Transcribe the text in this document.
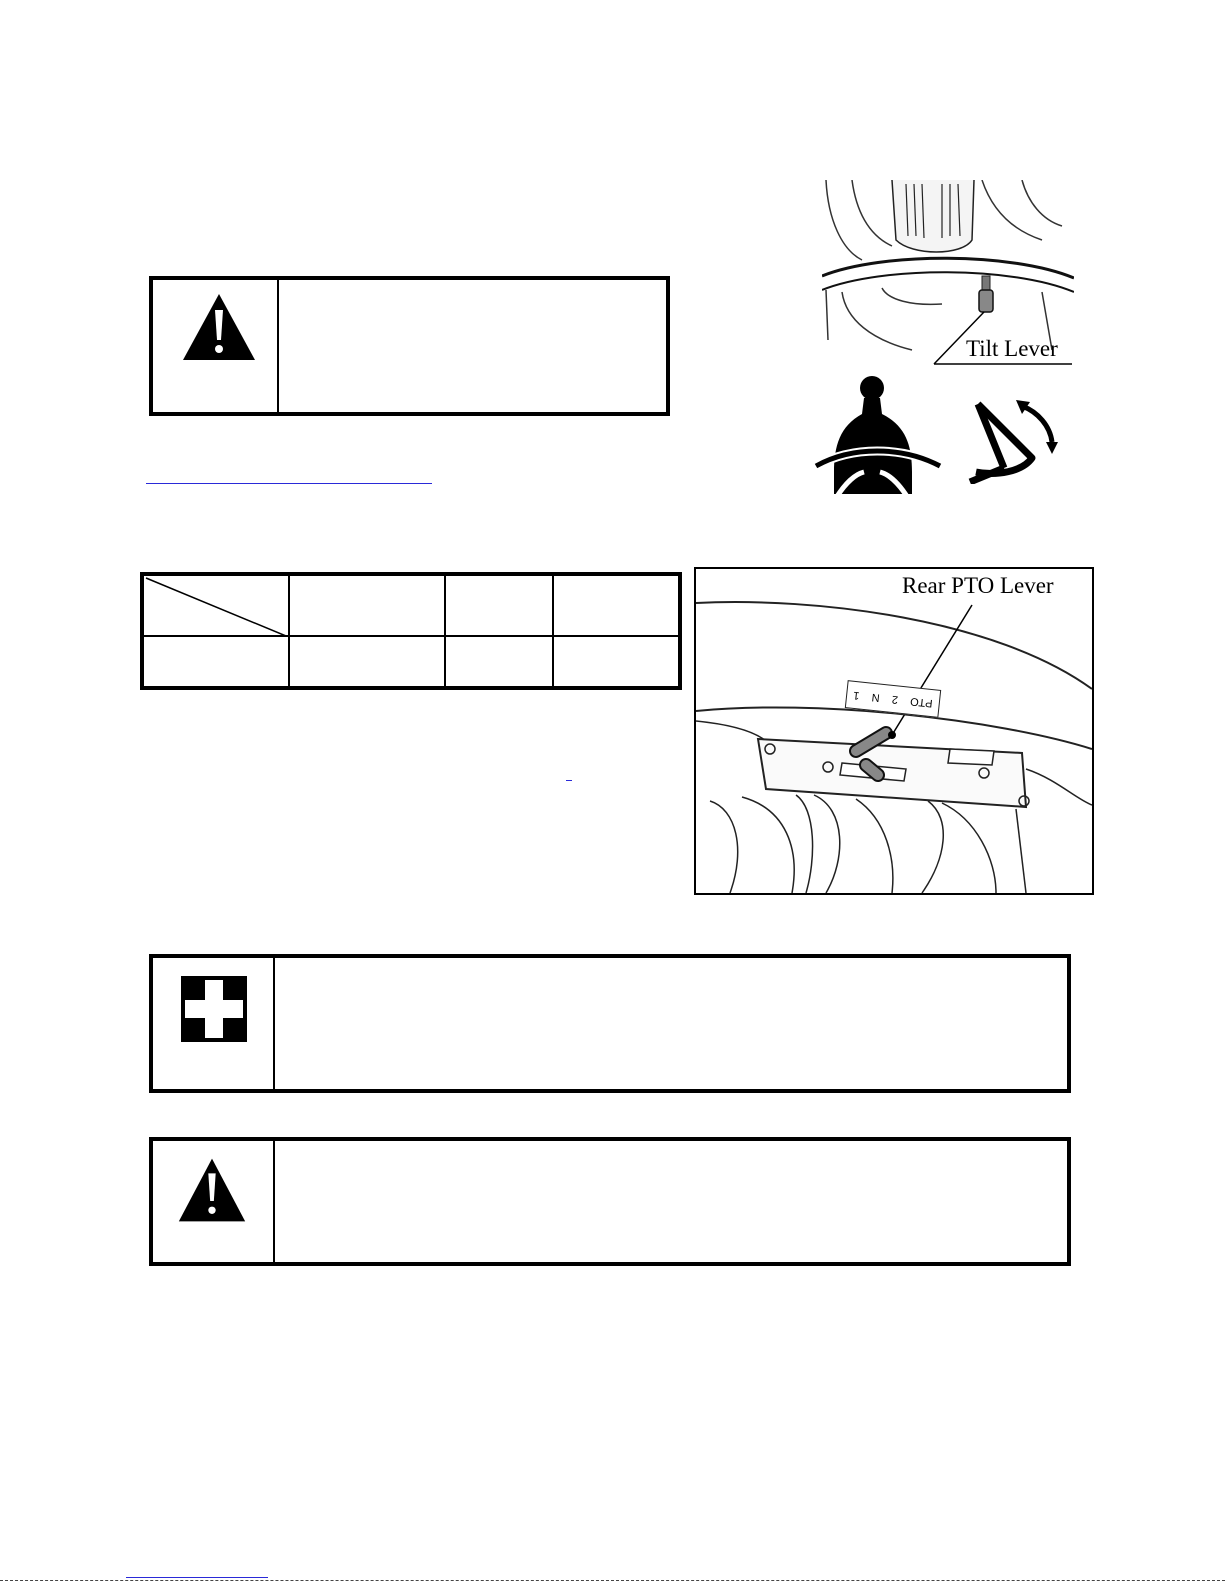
Tilt Lever

PTO
2
N
1
Rear PTO Lever
